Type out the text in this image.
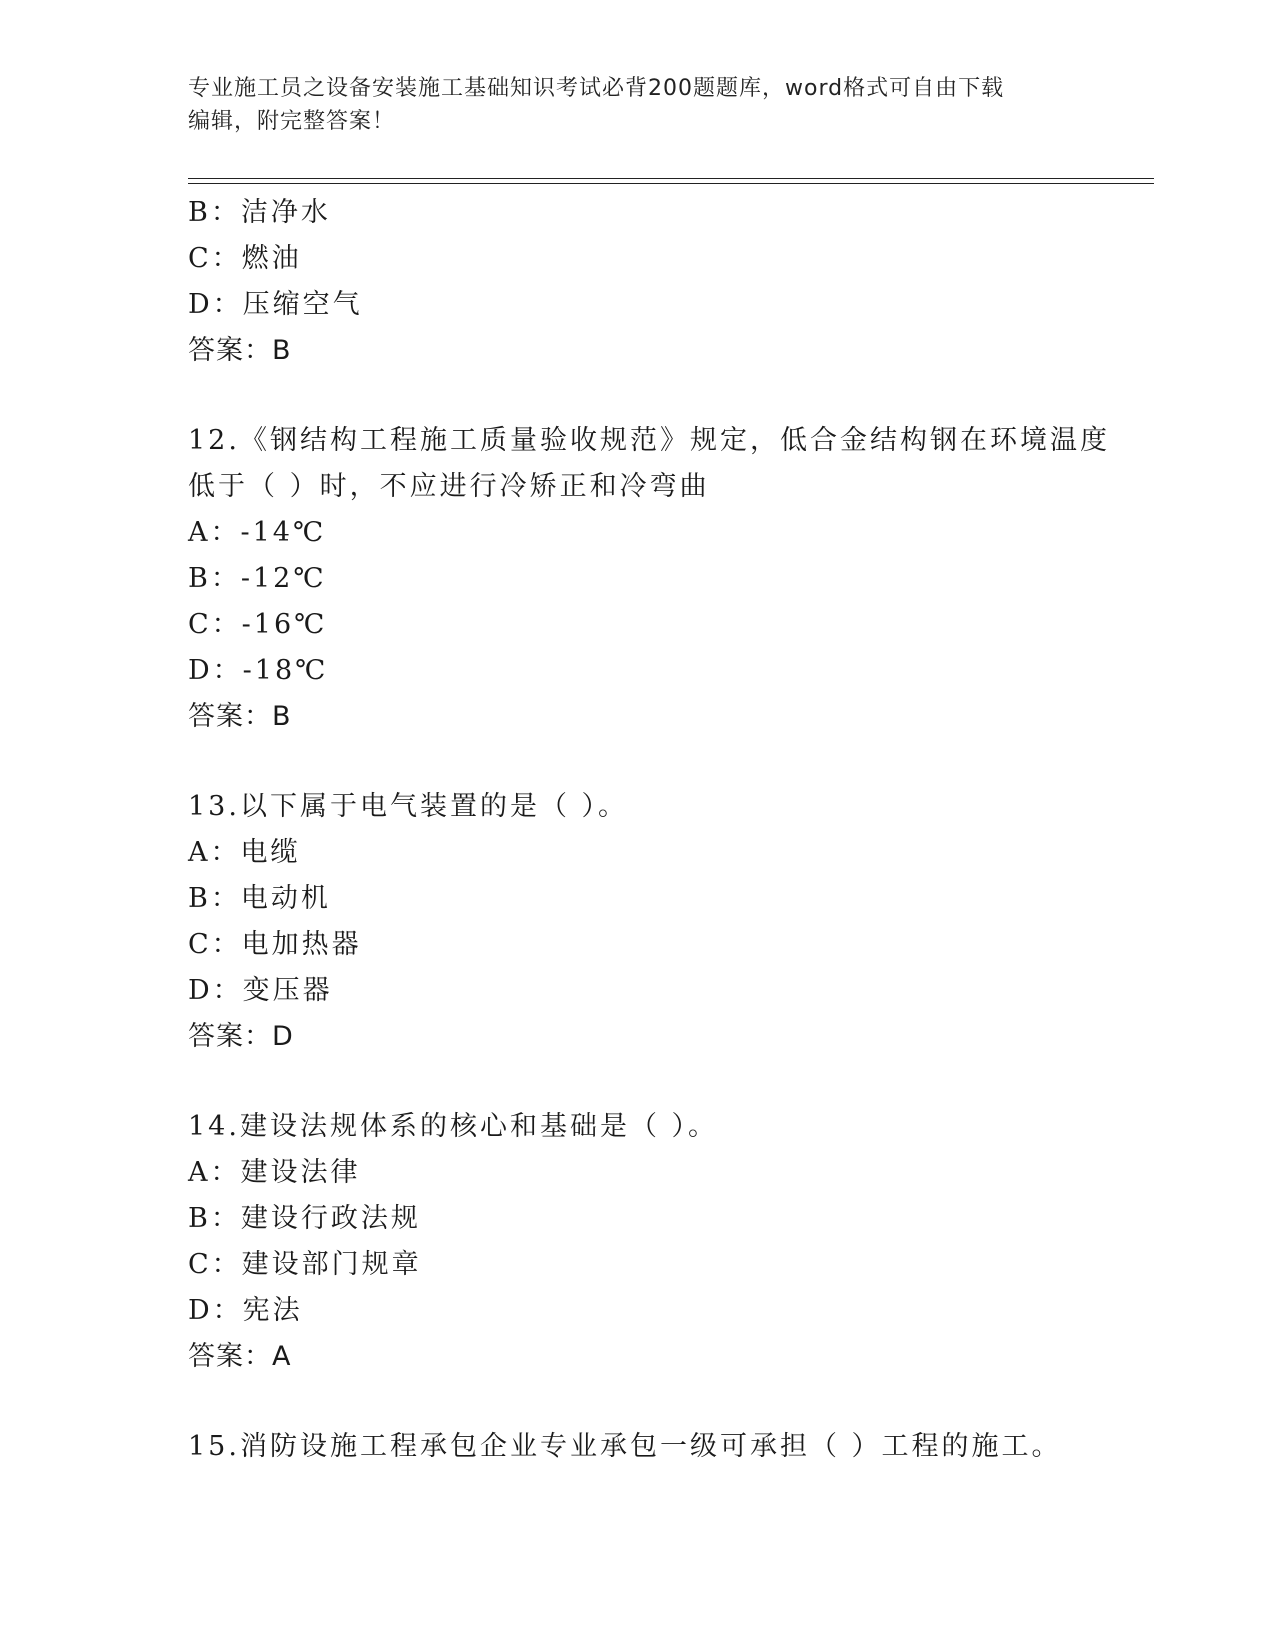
专业施工员之设备安装施工基础知识考试必背200题题库，word格式可自由下载
编辑，附完整答案！
B：洁净水
C：燃油
D：压缩空气
答案：B
12.《钢结构工程施工质量验收规范》规定，低合金结构钢在环境温度
低于（ ）时，不应进行冷矫正和冷弯曲
A：-14℃
B：-12℃
C：-16℃
D：-18℃
答案：B
13.以下属于电气装置的是（ ）。
A：电缆
B：电动机
C：电加热器
D：变压器
答案：D
14.建设法规体系的核心和基础是（ ）。
A：建设法律
B：建设行政法规
C：建设部门规章
D：宪法
答案：A
15.消防设施工程承包企业专业承包一级可承担（ ）工程的施工。
